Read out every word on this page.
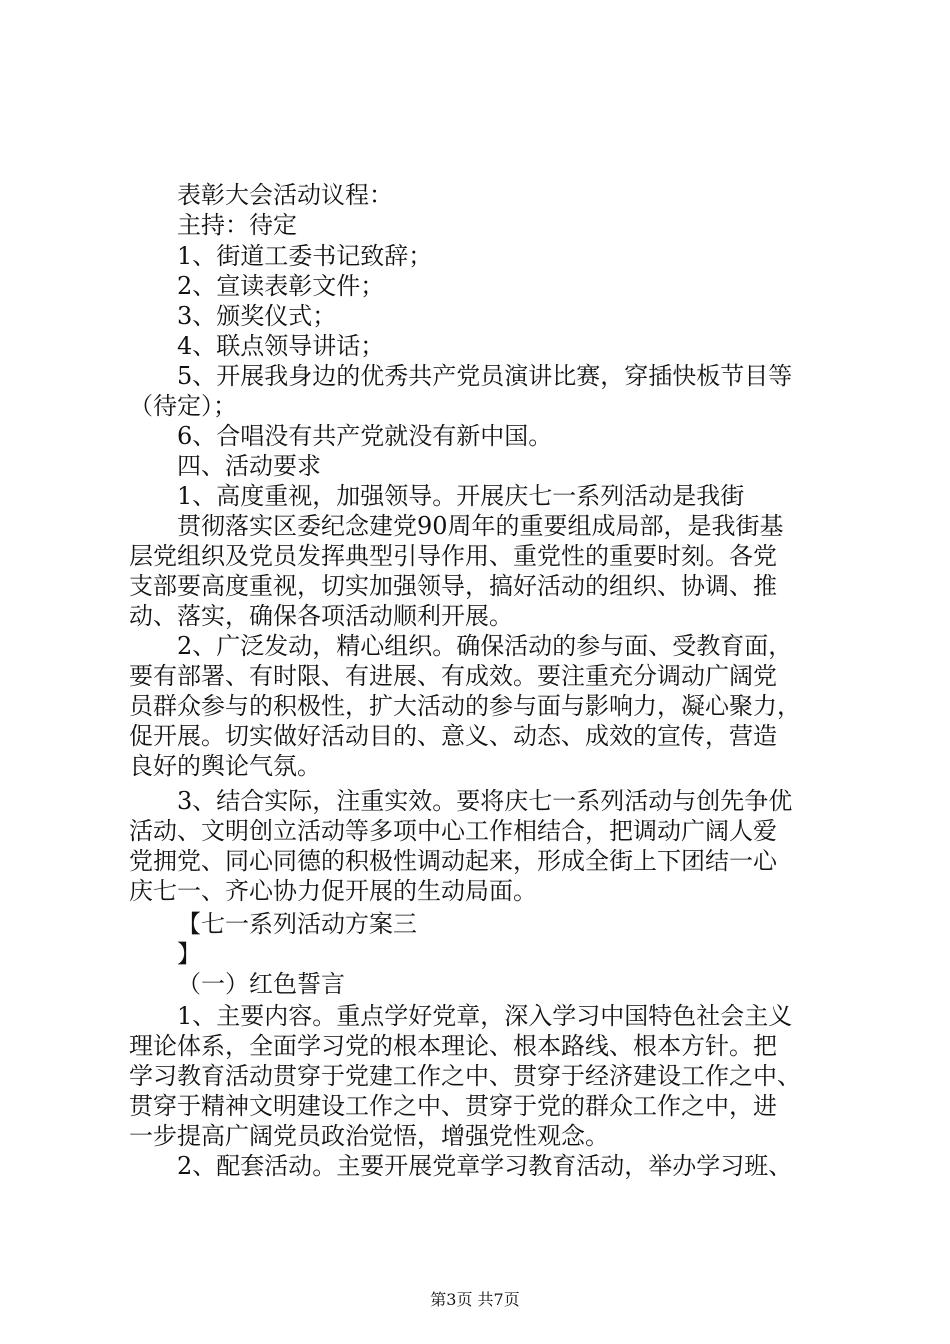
表彰大会活动议程：
主持：待定
1、街道工委书记致辞；
2、宣读表彰文件；
3、颁奖仪式；
4、联点领导讲话；
5、开展我身边的优秀共产党员演讲比赛，穿插快板节目等
（待定）；
6、合唱没有共产党就没有新中国。
四、活动要求
1、高度重视，加强领导。开展庆七一系列活动是我街
贯彻落实区委纪念建党90周年的重要组成局部，是我街基
层党组织及党员发挥典型引导作用、重党性的重要时刻。各党
支部要高度重视，切实加强领导，搞好活动的组织、协调、推
动、落实，确保各项活动顺利开展。
2、广泛发动，精心组织。确保活动的参与面、受教育面，
要有部署、有时限、有进展、有成效。要注重充分调动广阔党
员群众参与的积极性，扩大活动的参与面与影响力，凝心聚力，
促开展。切实做好活动目的、意义、动态、成效的宣传，营造
良好的舆论气氛。
3、结合实际，注重实效。要将庆七一系列活动与创先争优
活动、文明创立活动等多项中心工作相结合，把调动广阔人爱
党拥党、同心同德的积极性调动起来，形成全街上下团结一心
庆七一、齐心协力促开展的生动局面。
【七一系列活动方案三
】
（一）红色誓言
1、主要内容。重点学好党章，深入学习中国特色社会主义
理论体系，全面学习党的根本理论、根本路线、根本方针。把
学习教育活动贯穿于党建工作之中、贯穿于经济建设工作之中、
贯穿于精神文明建设工作之中、贯穿于党的群众工作之中，进
一步提高广阔党员政治觉悟，增强党性观念。
2、配套活动。主要开展党章学习教育活动，举办学习班、
第3页 共7页
